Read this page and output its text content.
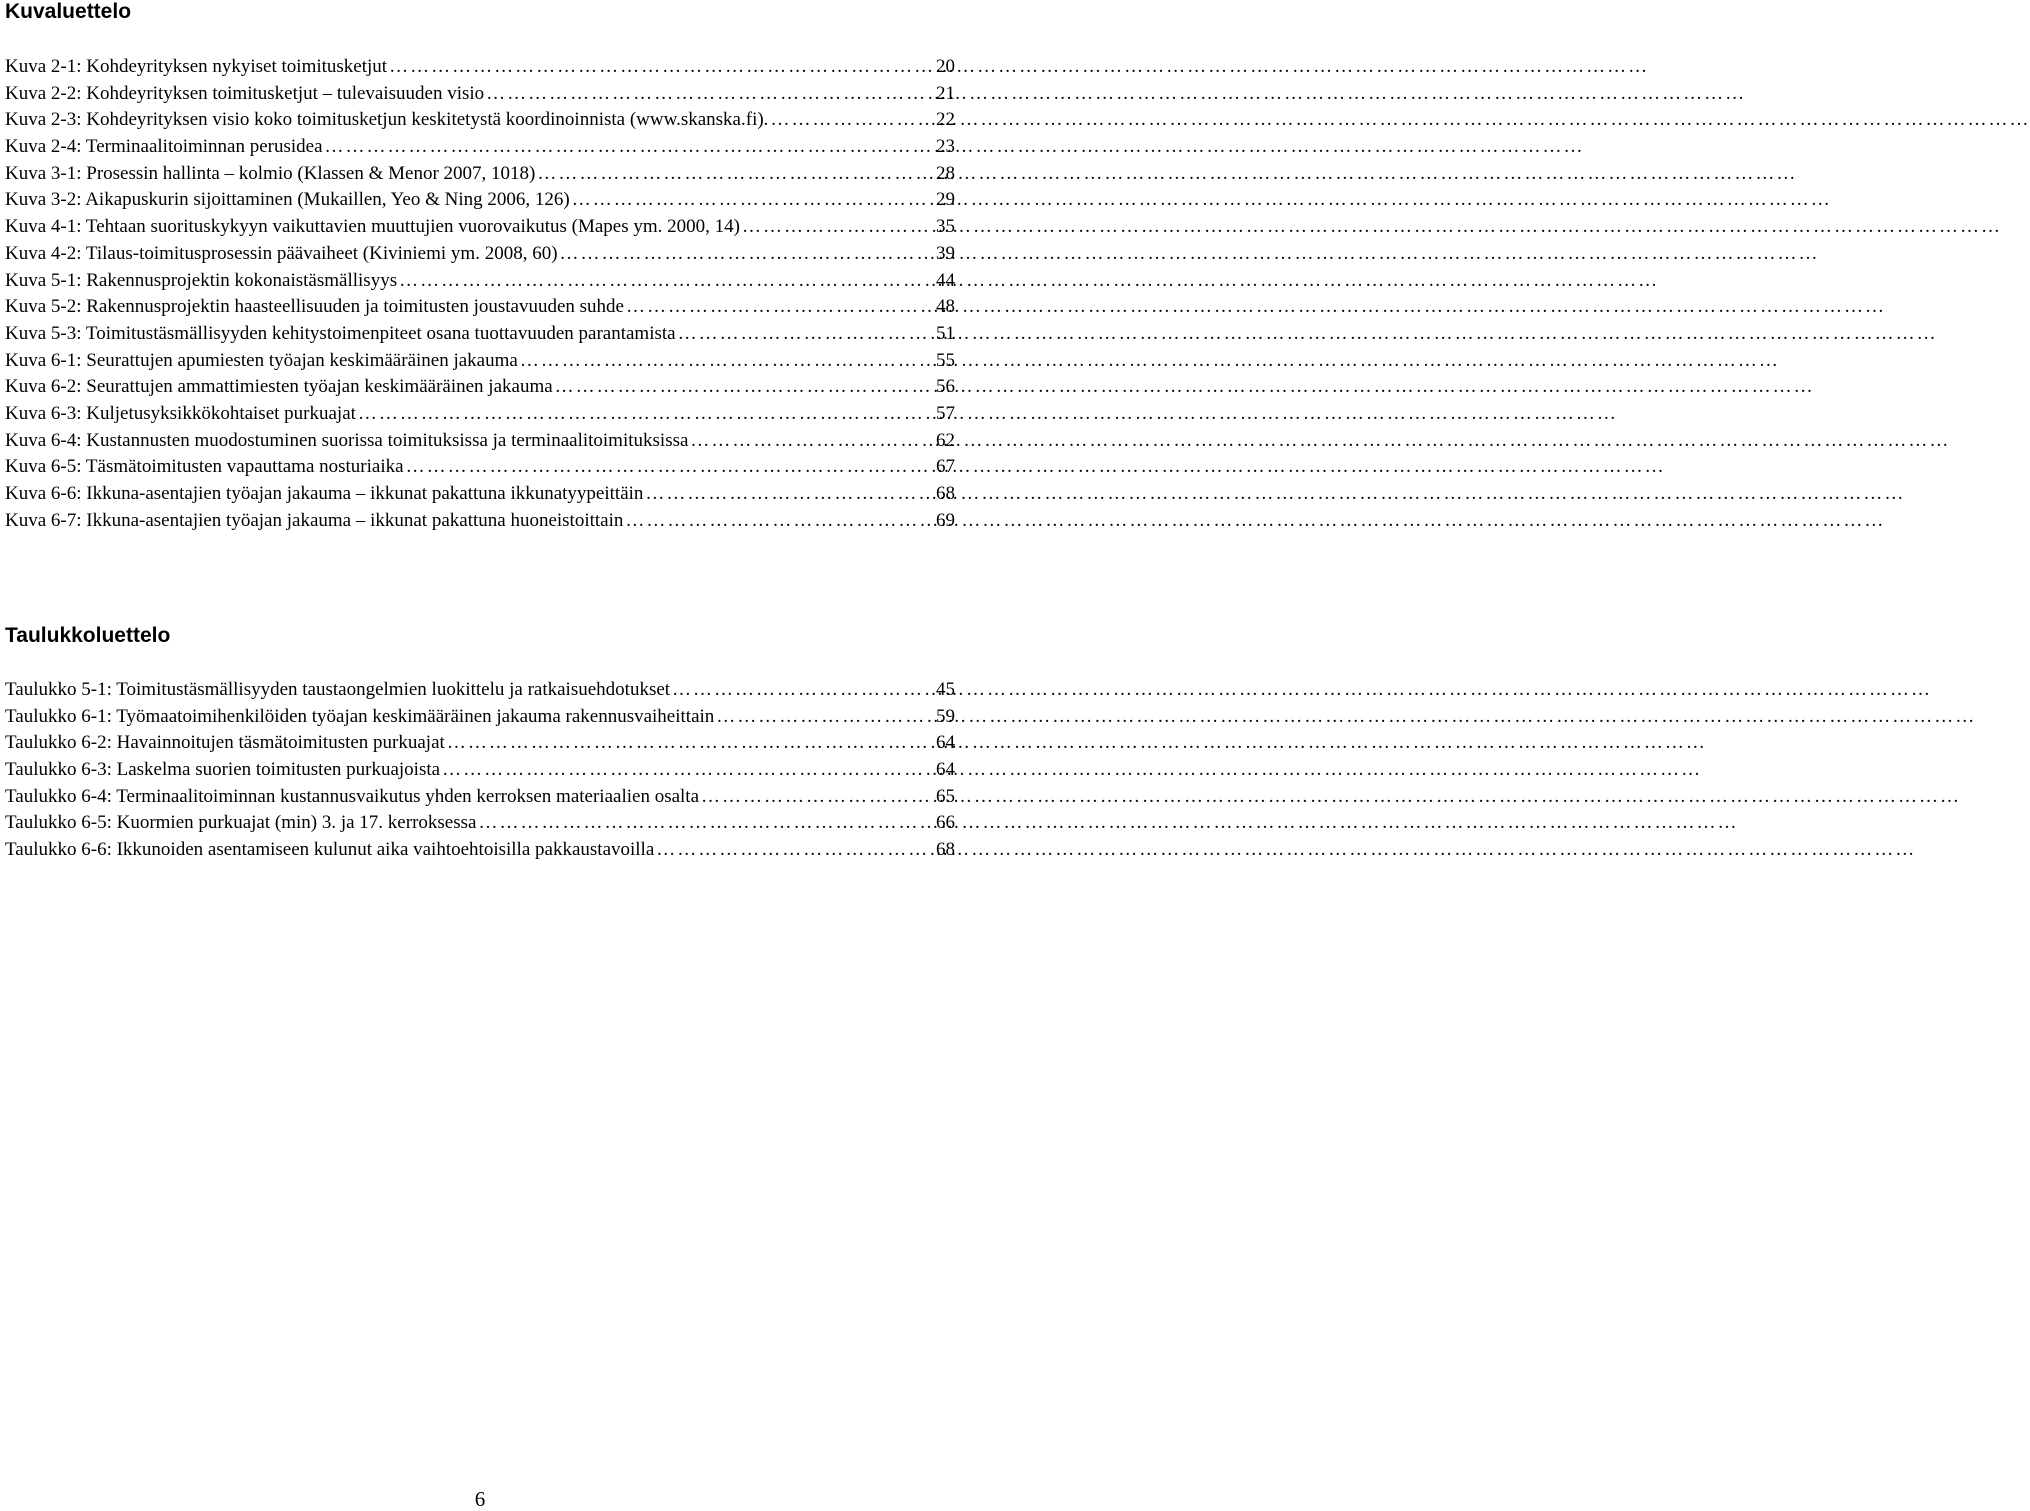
Kuvaluettelo
Kuva 2-1: Kohdeyrityksen nykyiset toimitusketjut ………………………………………………………………………………………………………………………………………………………………	20
Kuva 2-2: Kohdeyrityksen toimitusketjut – tulevaisuuden visio ………………………………………………………………………………………………………………………………………………………………	21
Kuva 2-3: Kohdeyrityksen visio koko toimitusketjun keskitetystä koordinoinnista (www.skanska.fi). ………………………………………………………………………………………………………………………………………………………………	22
Kuva 2-4: Terminaalitoiminnan perusidea ………………………………………………………………………………………………………………………………………………………………	23
Kuva 3-1: Prosessin hallinta – kolmio (Klassen & Menor 2007, 1018) ………………………………………………………………………………………………………………………………………………………………	28
Kuva 3-2: Aikapuskurin sijoittaminen (Mukaillen, Yeo & Ning 2006, 126) ………………………………………………………………………………………………………………………………………………………………	29
Kuva 4-1: Tehtaan suorituskykyyn vaikuttavien muuttujien vuorovaikutus (Mapes ym. 2000, 14) ………………………………………………………………………………………………………………………………………………………………	35
Kuva 4-2: Tilaus-toimitusprosessin päävaiheet (Kiviniemi ym. 2008, 60) ………………………………………………………………………………………………………………………………………………………………	39
Kuva 5-1: Rakennusprojektin kokonaistäsmällisyys ………………………………………………………………………………………………………………………………………………………………	44
Kuva 5-2: Rakennusprojektin haasteellisuuden ja toimitusten joustavuuden suhde ………………………………………………………………………………………………………………………………………………………………	48
Kuva 5-3: Toimitustäsmällisyyden kehitystoimenpiteet osana tuottavuuden parantamista ………………………………………………………………………………………………………………………………………………………………	51
Kuva 6-1: Seurattujen apumiesten työajan keskimääräinen jakauma ………………………………………………………………………………………………………………………………………………………………	55
Kuva 6-2: Seurattujen ammattimiesten työajan keskimääräinen jakauma ………………………………………………………………………………………………………………………………………………………………	56
Kuva 6-3: Kuljetusyksikkökohtaiset purkuajat ………………………………………………………………………………………………………………………………………………………………	57
Kuva 6-4: Kustannusten muodostuminen suorissa toimituksissa ja terminaalitoimituksissa ………………………………………………………………………………………………………………………………………………………………	62
Kuva 6-5: Täsmätoimitusten vapauttama nosturiaika ………………………………………………………………………………………………………………………………………………………………	67
Kuva 6-6: Ikkuna-asentajien työajan jakauma – ikkunat pakattuna ikkunatyypeittäin ………………………………………………………………………………………………………………………………………………………………	68
Kuva 6-7: Ikkuna-asentajien työajan jakauma – ikkunat pakattuna huoneistoittain ………………………………………………………………………………………………………………………………………………………………	69
Taulukkoluettelo
Taulukko 5-1: Toimitustäsmällisyyden taustaongelmien luokittelu ja ratkaisuehdotukset ………………………………………………………………………………………………………………………………………………………………	45
Taulukko 6-1: Työmaatoimihenkilöiden työajan keskimääräinen jakauma rakennusvaiheittain ………………………………………………………………………………………………………………………………………………………………	59
Taulukko 6-2: Havainnoitujen täsmätoimitusten purkuajat ………………………………………………………………………………………………………………………………………………………………	64
Taulukko 6-3: Laskelma suorien toimitusten purkuajoista ………………………………………………………………………………………………………………………………………………………………	64
Taulukko 6-4: Terminaalitoiminnan kustannusvaikutus yhden kerroksen materiaalien osalta ………………………………………………………………………………………………………………………………………………………………	65
Taulukko 6-5: Kuormien purkuajat (min) 3. ja 17. kerroksessa ………………………………………………………………………………………………………………………………………………………………	66
Taulukko 6-6: Ikkunoiden asentamiseen kulunut aika vaihtoehtoisilla pakkaustavoilla ………………………………………………………………………………………………………………………………………………………………	68
6
